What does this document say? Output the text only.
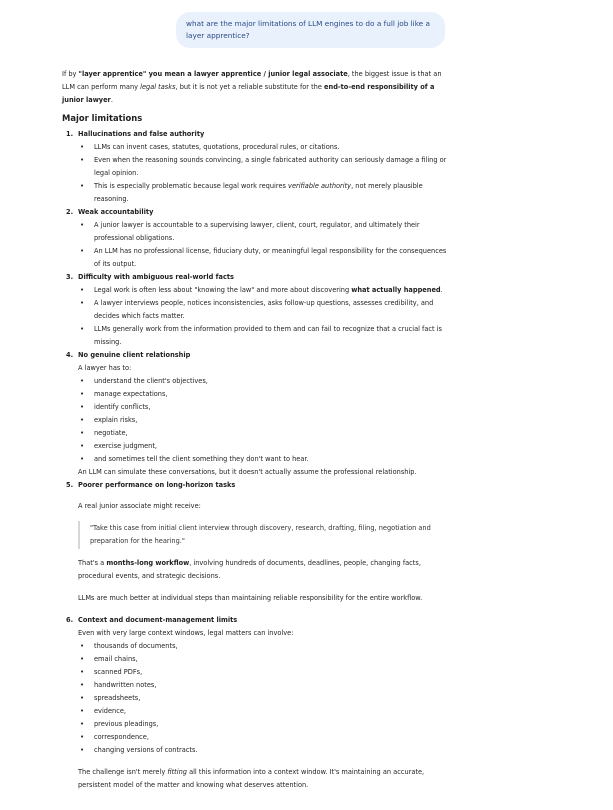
what are the major limitations of LLM engines to do a full job like a layer apprentice?

If by "layer apprentice" you mean a lawyer apprentice / junior legal associate, the biggest issue is that an LLM can perform many legal tasks, but it is not yet a reliable substitute for the end-to-end responsibility of a junior lawyer.

Major limitations
1. Hallucinations and false authority
• LLMs can invent cases, statutes, quotations, procedural rules, or citations.
• Even when the reasoning sounds convincing, a single fabricated authority can seriously damage a filing or legal opinion.
• This is especially problematic because legal work requires verifiable authority, not merely plausible reasoning.
2. Weak accountability
• A junior lawyer is accountable to a supervising lawyer, client, court, regulator, and ultimately their professional obligations.
• An LLM has no professional license, fiduciary duty, or meaningful legal responsibility for the consequences of its output.
3. Difficulty with ambiguous real-world facts
• Legal work is often less about "knowing the law" and more about discovering what actually happened.
• A lawyer interviews people, notices inconsistencies, asks follow-up questions, assesses credibility, and decides which facts matter.
• LLMs generally work from the information provided to them and can fail to recognize that a crucial fact is missing.
4. No genuine client relationship

A lawyer has to:

• understand the client's objectives,
• manage expectations,
• identify conflicts,
• explain risks,
• negotiate,
• exercise judgment,
• and sometimes tell the client something they don't want to hear.

An LLM can simulate these conversations, but it doesn't actually assume the professional relationship.

5. Poorer performance on long-horizon tasks

A real junior associate might receive:

"Take this case from initial client interview through discovery, research, drafting, filing, negotiation and preparation for the hearing."

That's a months-long workflow, involving hundreds of documents, deadlines, people, changing facts, procedural events, and strategic decisions.

LLMs are much better at individual steps than maintaining reliable responsibility for the entire workflow.

6. Context and document-management limits

Even with very large context windows, legal matters can involve:

• thousands of documents,
• email chains,
• scanned PDFs,
• handwritten notes,
• spreadsheets,
• evidence,
• previous pleadings,
• correspondence,
• changing versions of contracts.

The challenge isn't merely fitting all this information into a context window. It's maintaining an accurate, persistent model of the matter and knowing what deserves attention.
